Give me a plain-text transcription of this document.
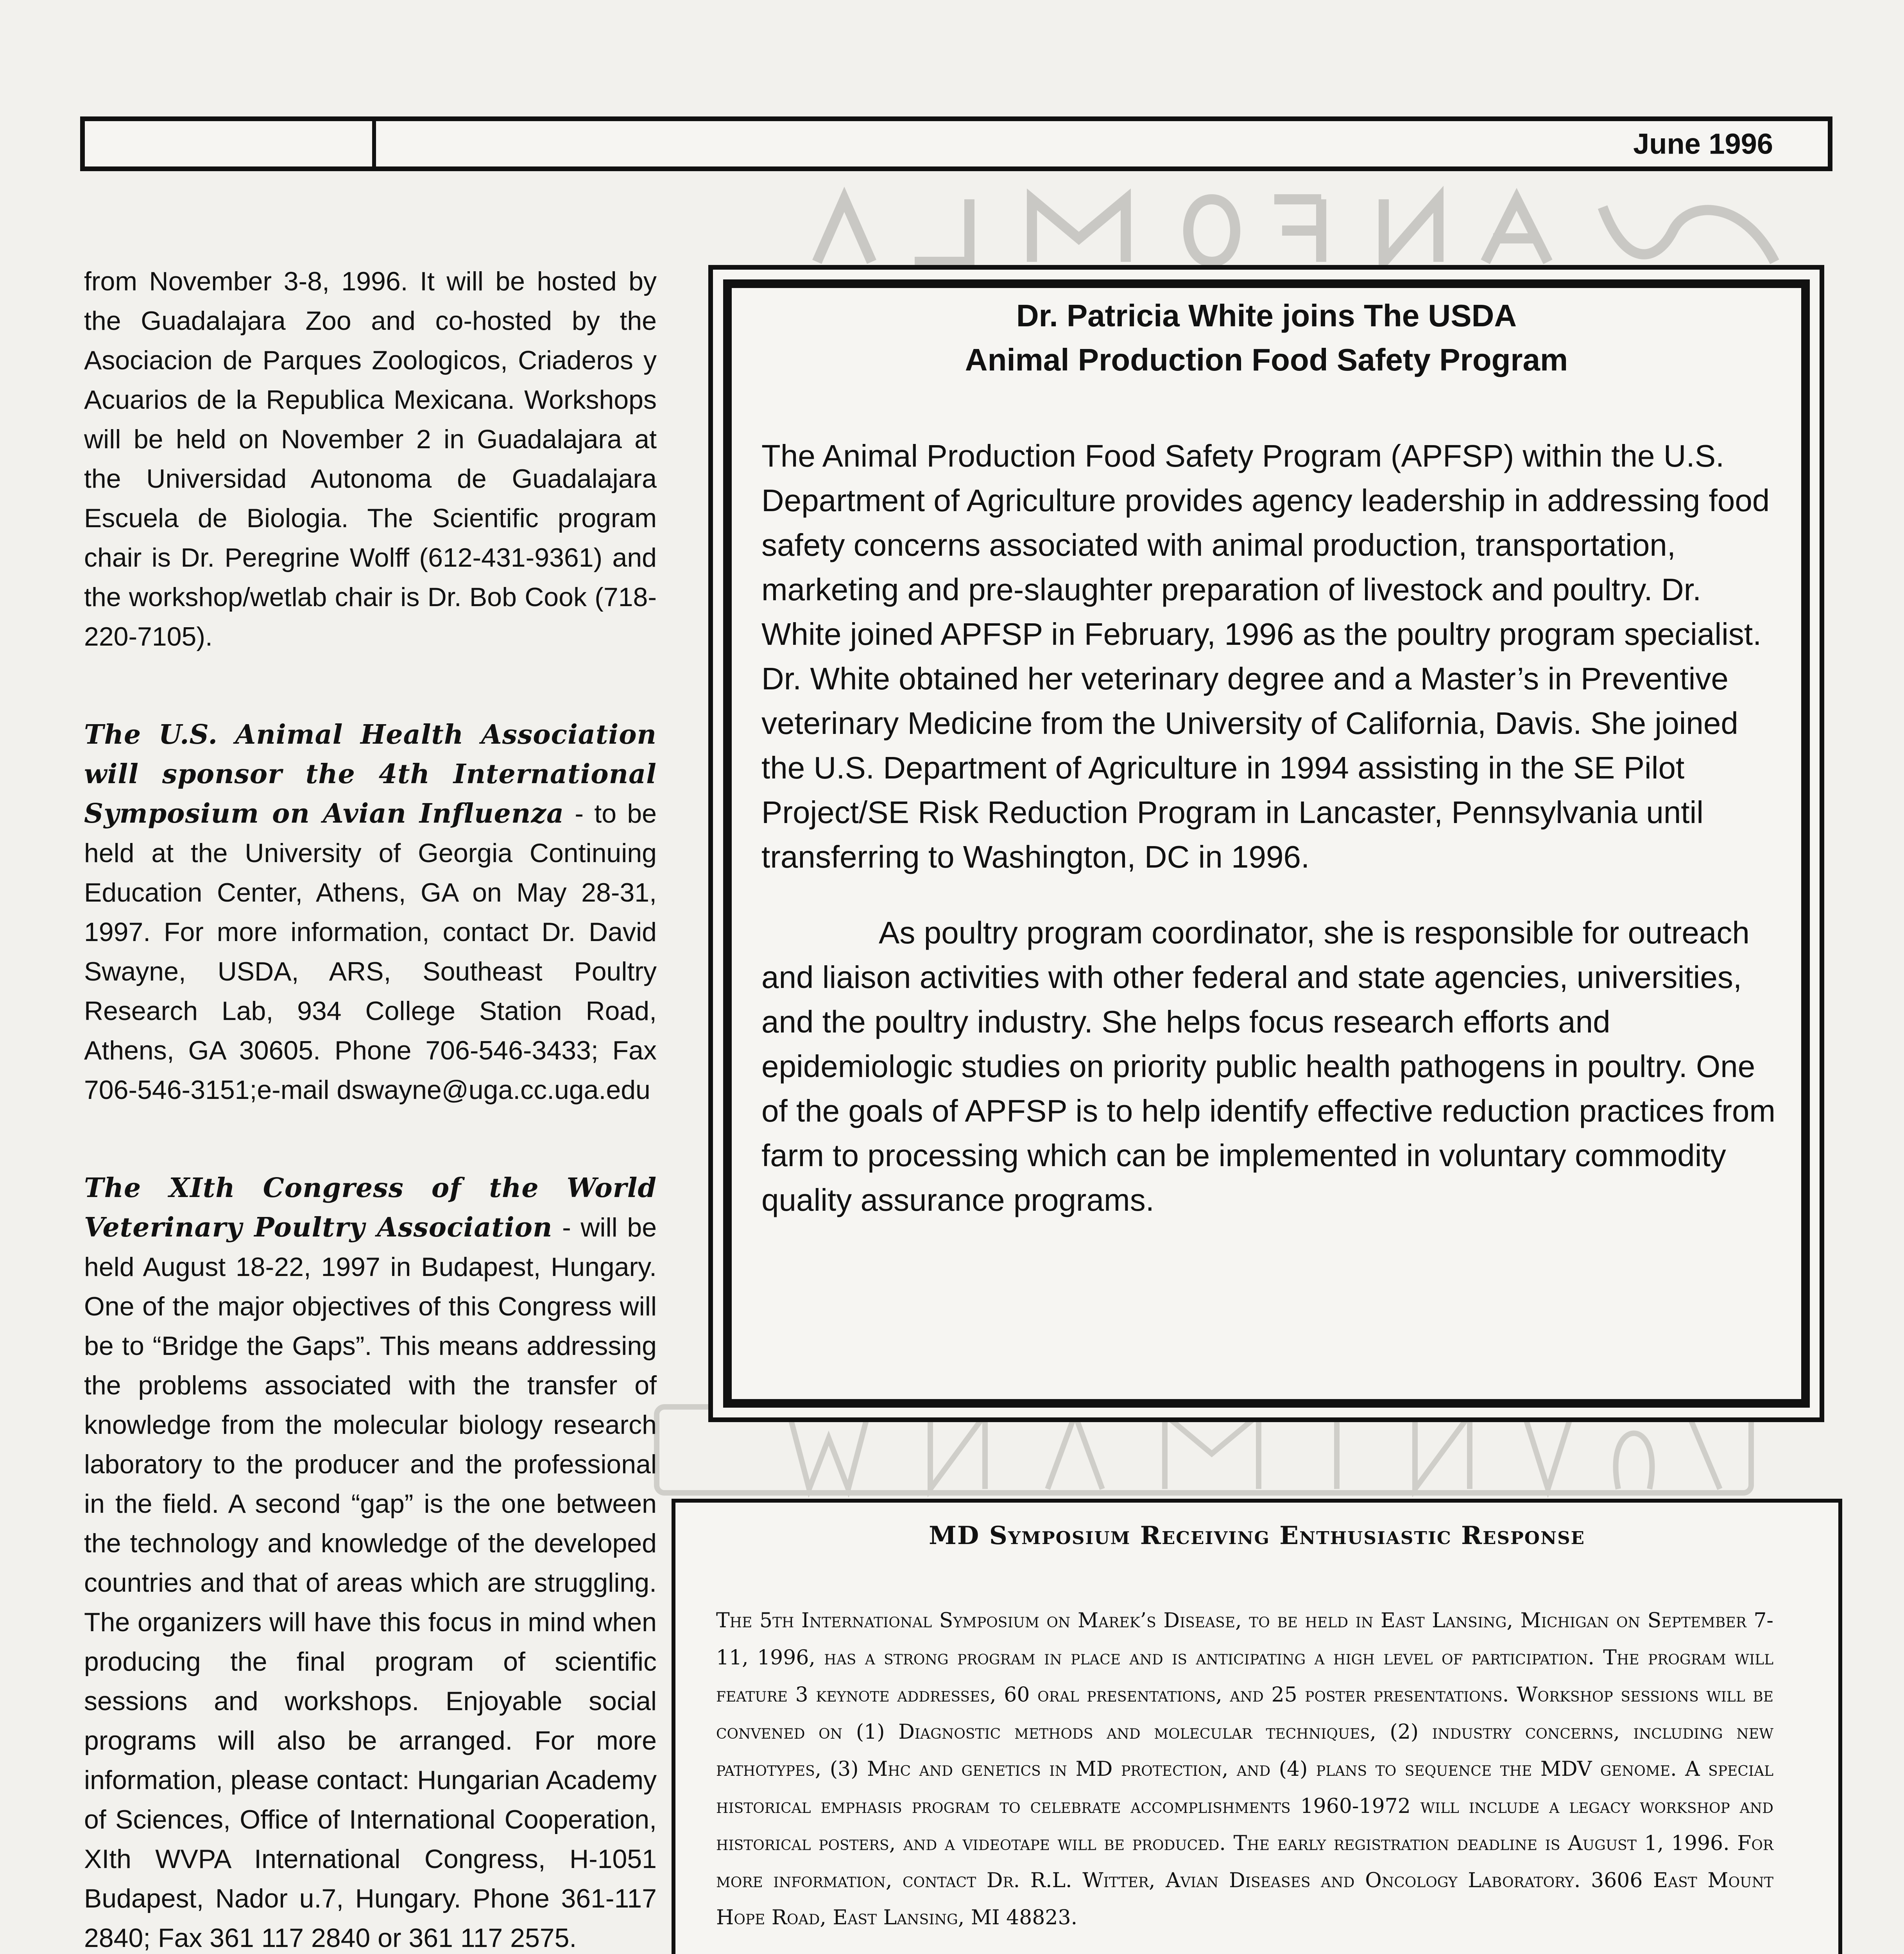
June 1996

from November 3-8, 1996. It will be hosted by the Guadalajara Zoo and co-hosted by the Asociacion de Parques Zoologicos, Criaderos y Acuarios de la Republica Mexicana. Workshops will be held on November 2 in Guadalajara at the Universidad Autonoma de Guadalajara Escuela de Biologia. The Scientific program chair is Dr. Peregrine Wolff (612-431-9361) and the workshop/wetlab chair is Dr. Bob Cook (718-220-7105).

The U.S. Animal Health Association will sponsor the 4th International Symposium on Avian Influenza - to be held at the University of Georgia Continuing Education Center, Athens, GA on May 28-31, 1997. For more information, contact Dr. David Swayne, USDA, ARS, Southeast Poultry Research Lab, 934 College Station Road, Athens, GA 30605. Phone 706-546-3433; Fax 706-546-3151;e-mail dswayne@uga.cc.uga.edu

The XIth Congress of the World Veterinary Poultry Association - will be held August 18-22, 1997 in Budapest, Hungary. One of the major objectives of this Congress will be to “Bridge the Gaps”. This means addressing the problems associated with the transfer of knowledge from the molecular biology research laboratory to the producer and the professional in the field. A second “gap” is the one between the technology and knowledge of the developed countries and that of areas which are struggling. The organizers will have this focus in mind when producing the final program of scientific sessions and workshops. Enjoyable social programs will also be arranged. For more information, please contact: Hungarian Academy of Sciences, Office of International Cooperation, XIth WVPA International Congress, H-1051 Budapest, Nador u.7, Hungary. Phone 361-117 2840; Fax 361 117 2840 or 361 117 2575.

Dr. Patricia White joins The USDA
Animal Production Food Safety Program

The Animal Production Food Safety Program (APFSP) within the U.S. Department of Agriculture provides agency leadership in addressing food safety concerns associated with animal production, transportation, marketing and pre-slaughter preparation of livestock and poultry. Dr. White joined APFSP in February, 1996 as the poultry program specialist. Dr. White obtained her veterinary degree and a Master’s in Preventive veterinary Medicine from the University of California, Davis. She joined the U.S. Department of Agriculture in 1994 assisting in the SE Pilot Project/SE Risk Reduction Program in Lancaster, Pennsylvania until transferring to Washington, DC in 1996.

As poultry program coordinator, she is responsible for outreach and liaison activities with other federal and state agencies, universities, and the poultry industry. She helps focus research efforts and epidemiologic studies on priority public health pathogens in poultry. One of the goals of APFSP is to help identify effective reduction practices from farm to processing which can be implemented in voluntary commodity quality assurance programs.

MD Symposium Receiving Enthusiastic Response
The 5th International Symposium on Marek’s Disease, to be held in East Lansing, Michigan on September 7-11, 1996, has a strong program in place and is anticipating a high level of participation. The program will feature 3 keynote addresses, 60 oral presentations, and 25 poster presentations. Workshop sessions will be convened on (1) Diagnostic methods and molecular techniques, (2) industry concerns, including new pathotypes, (3) Mhc and genetics in MD protection, and (4) plans to sequence the MDV genome. A special historical emphasis program to celebrate accomplishments 1960-1972 will include a legacy workshop and historical posters, and a videotape will be produced. The early registration deadline is August 1, 1996. For more information, contact Dr. R.L. Witter, Avian Diseases and Oncology Laboratory. 3606 East Mount Hope Road, East Lansing, MI 48823.
